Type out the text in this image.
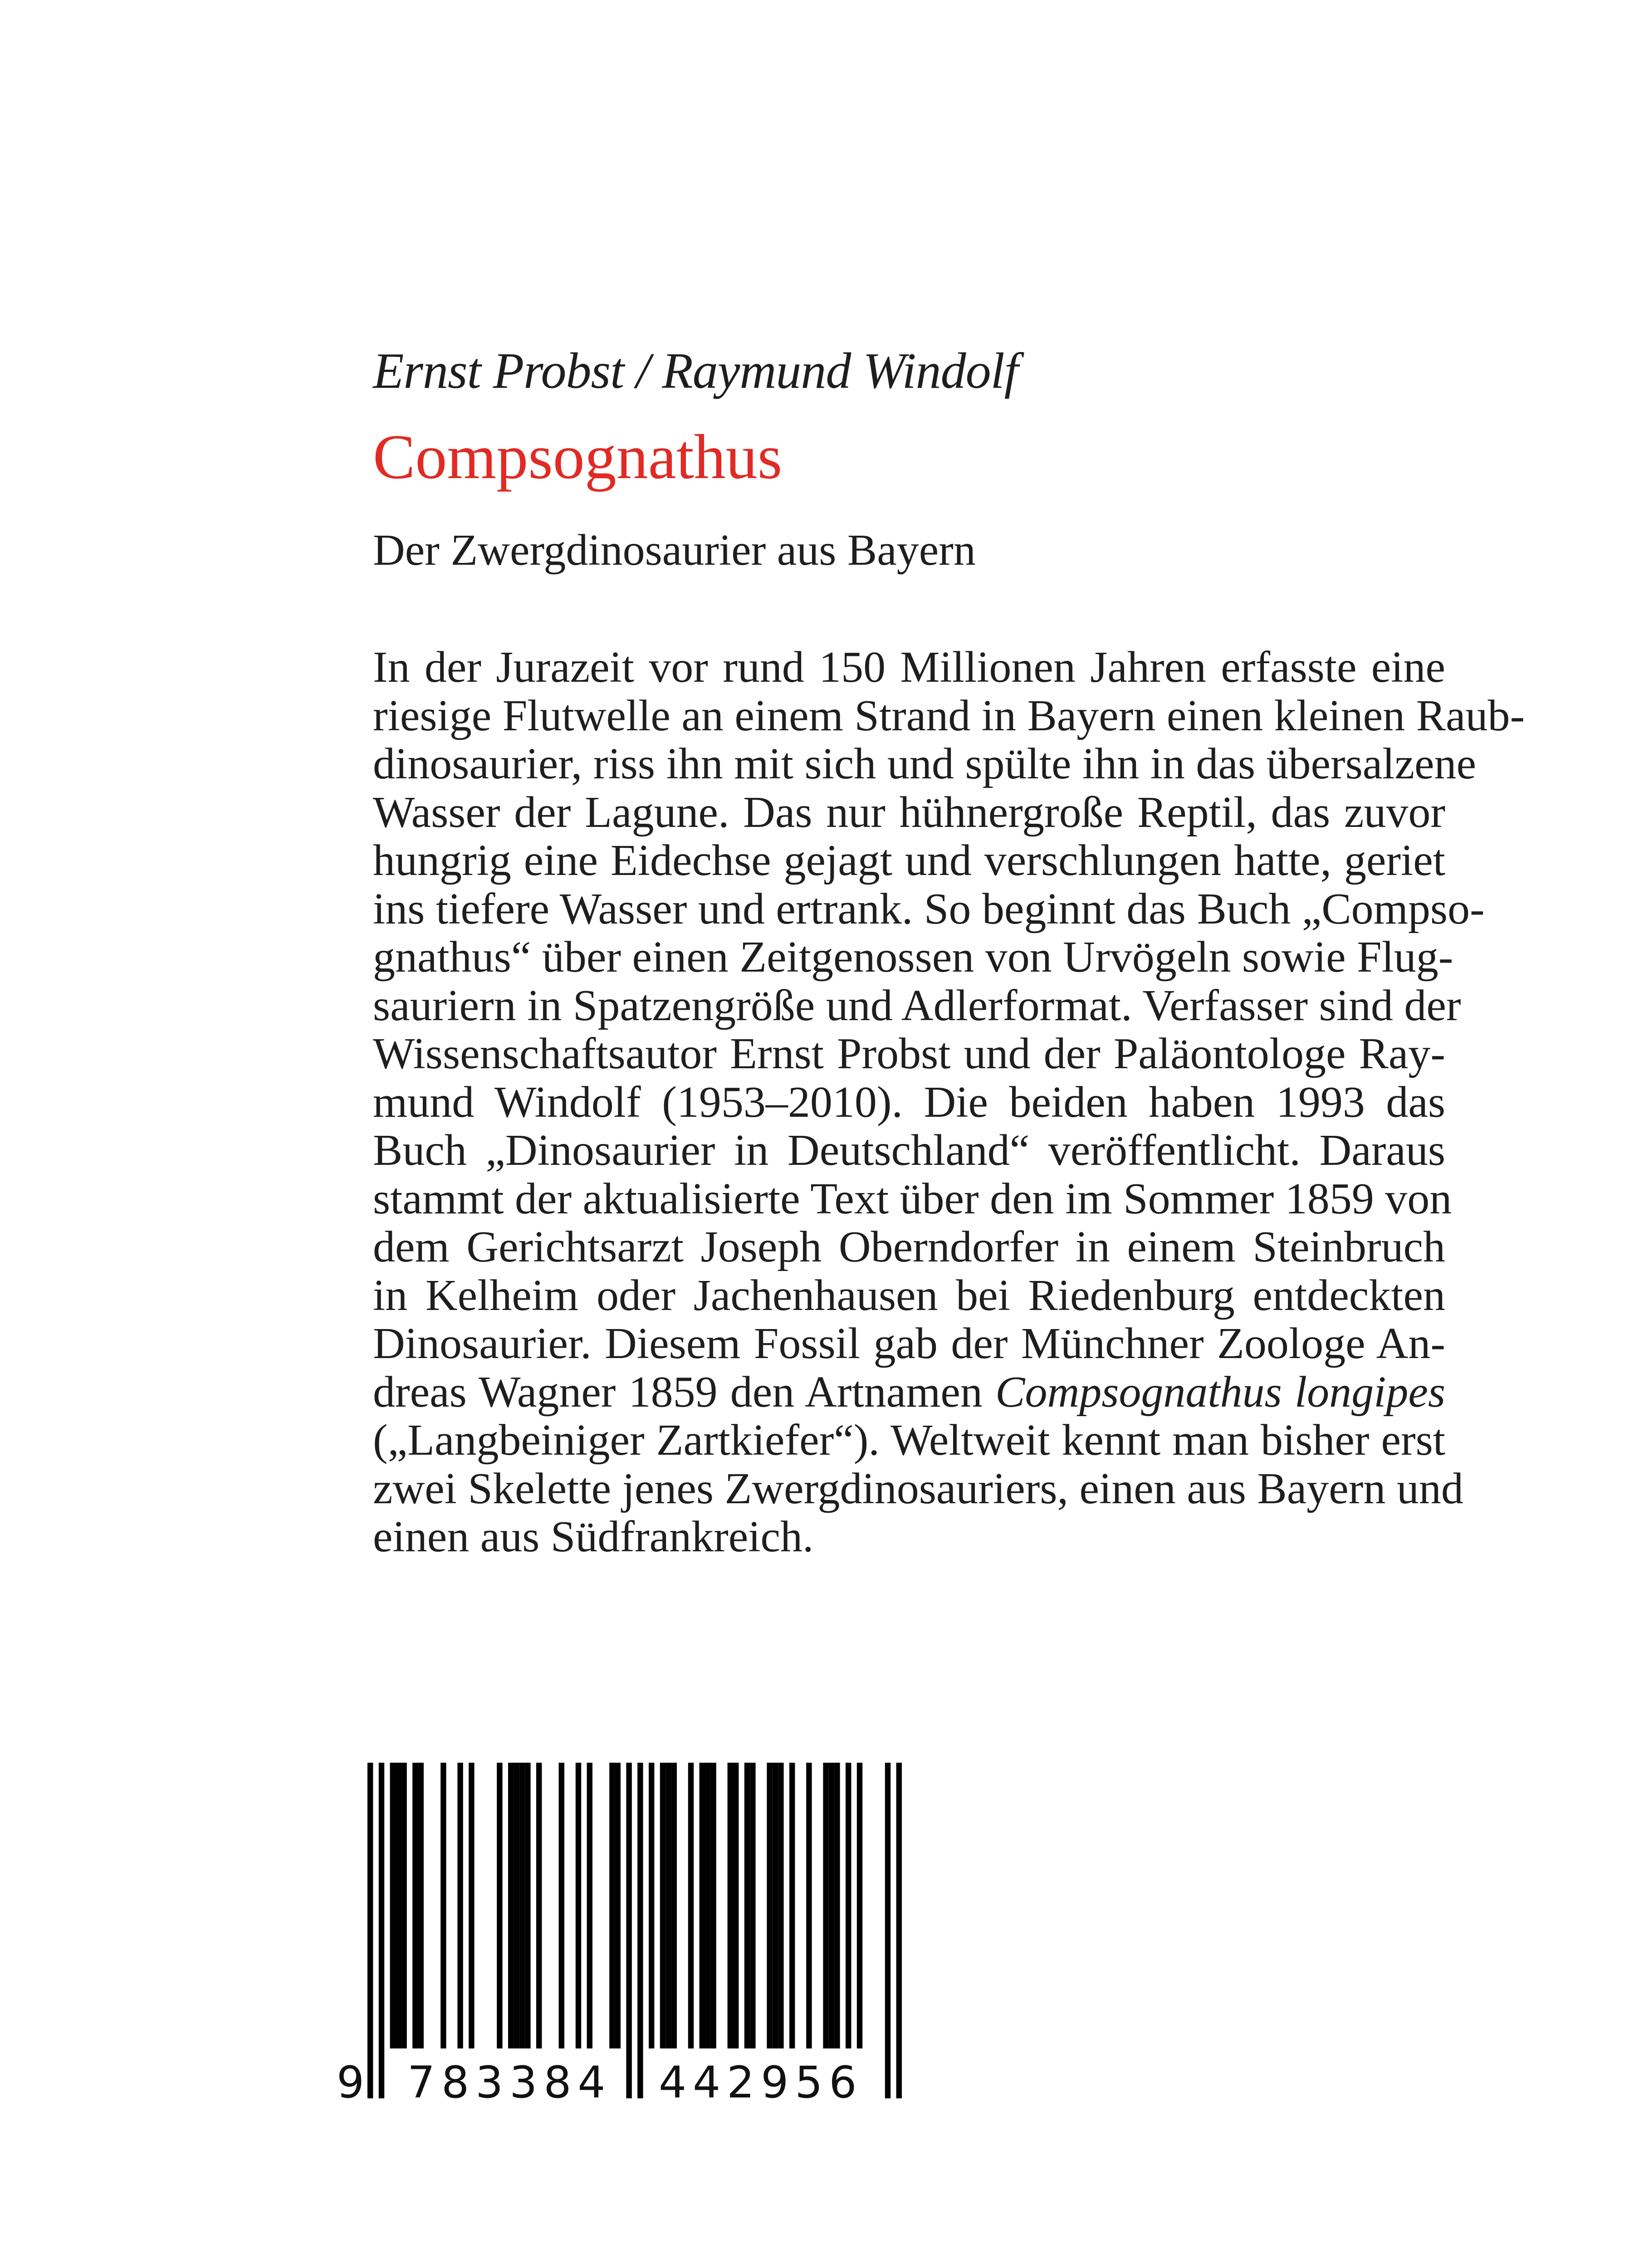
Ernst Probst / Raymund Windolf
Compsognathus
Der Zwergdinosaurier aus Bayern
In der Jurazeit vor rund 150 Millionen Jahren erfasste eine
riesige Flutwelle an einem Strand in Bayern einen kleinen Raub-
dinosaurier, riss ihn mit sich und spülte ihn in das übersalzene
Wasser der Lagune. Das nur hühnergroße Reptil, das zuvor
hungrig eine Eidechse gejagt und verschlungen hatte, geriet
ins tiefere Wasser und ertrank. So beginnt das Buch „Compso-
gnathus“ über einen Zeitgenossen von Urvögeln sowie Flug-
sauriern in Spatzengröße und Adlerformat. Verfasser sind der
Wissenschaftsautor Ernst Probst und der Paläontologe Ray-
mund Windolf (1953–2010). Die beiden haben 1993 das
Buch „Dinosaurier in Deutschland“ veröffentlicht. Daraus
stammt der aktualisierte Text über den im Sommer 1859 von
dem Gerichtsarzt Joseph Oberndorfer in einem Steinbruch
in Kelheim oder Jachenhausen bei Riedenburg entdeckten
Dinosaurier. Diesem Fossil gab der Münchner Zoologe An-
dreas Wagner 1859 den Artnamen Compsognathus longipes
(„Langbeiniger Zartkiefer“). Weltweit kennt man bisher erst
zwei Skelette jenes Zwergdinosauriers, einen aus Bayern und
einen aus Südfrankreich.
9 783384 442956
